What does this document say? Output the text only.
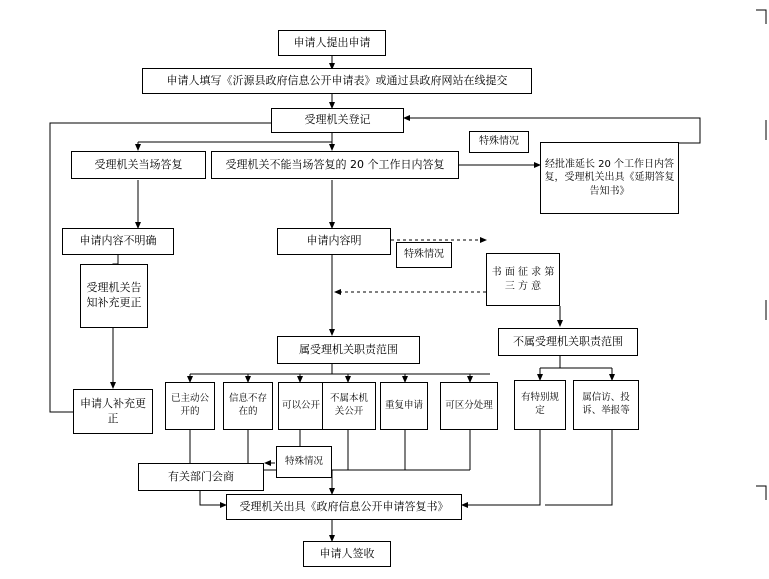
申请人提出申请
申请人填写《沂源县政府信息公开申请表》或通过县政府网站在线提交
受理机关登记
受理机关当场答复	受理机关不能当场答复的 20 个工作日内答复
特殊情况
经批准延长 20 个工作日内答复，受理机关出具《延期答复告知书》
申请内容不明确	申请内容明
特殊情况
书 面 征 求 第 三 方 意
受理机关告知补充更正
属受理机关职责范围
不属受理机关职责范围
申请人补充更正
已主动公开的
信息不存在的
可以公开
不属本机关公开
重复申请 可区分处理
有特别规定
属信访、投诉、举报等
特殊情况
有关部门会商
受理机关出具《政府信息公开申请答复书》
申请人签收
